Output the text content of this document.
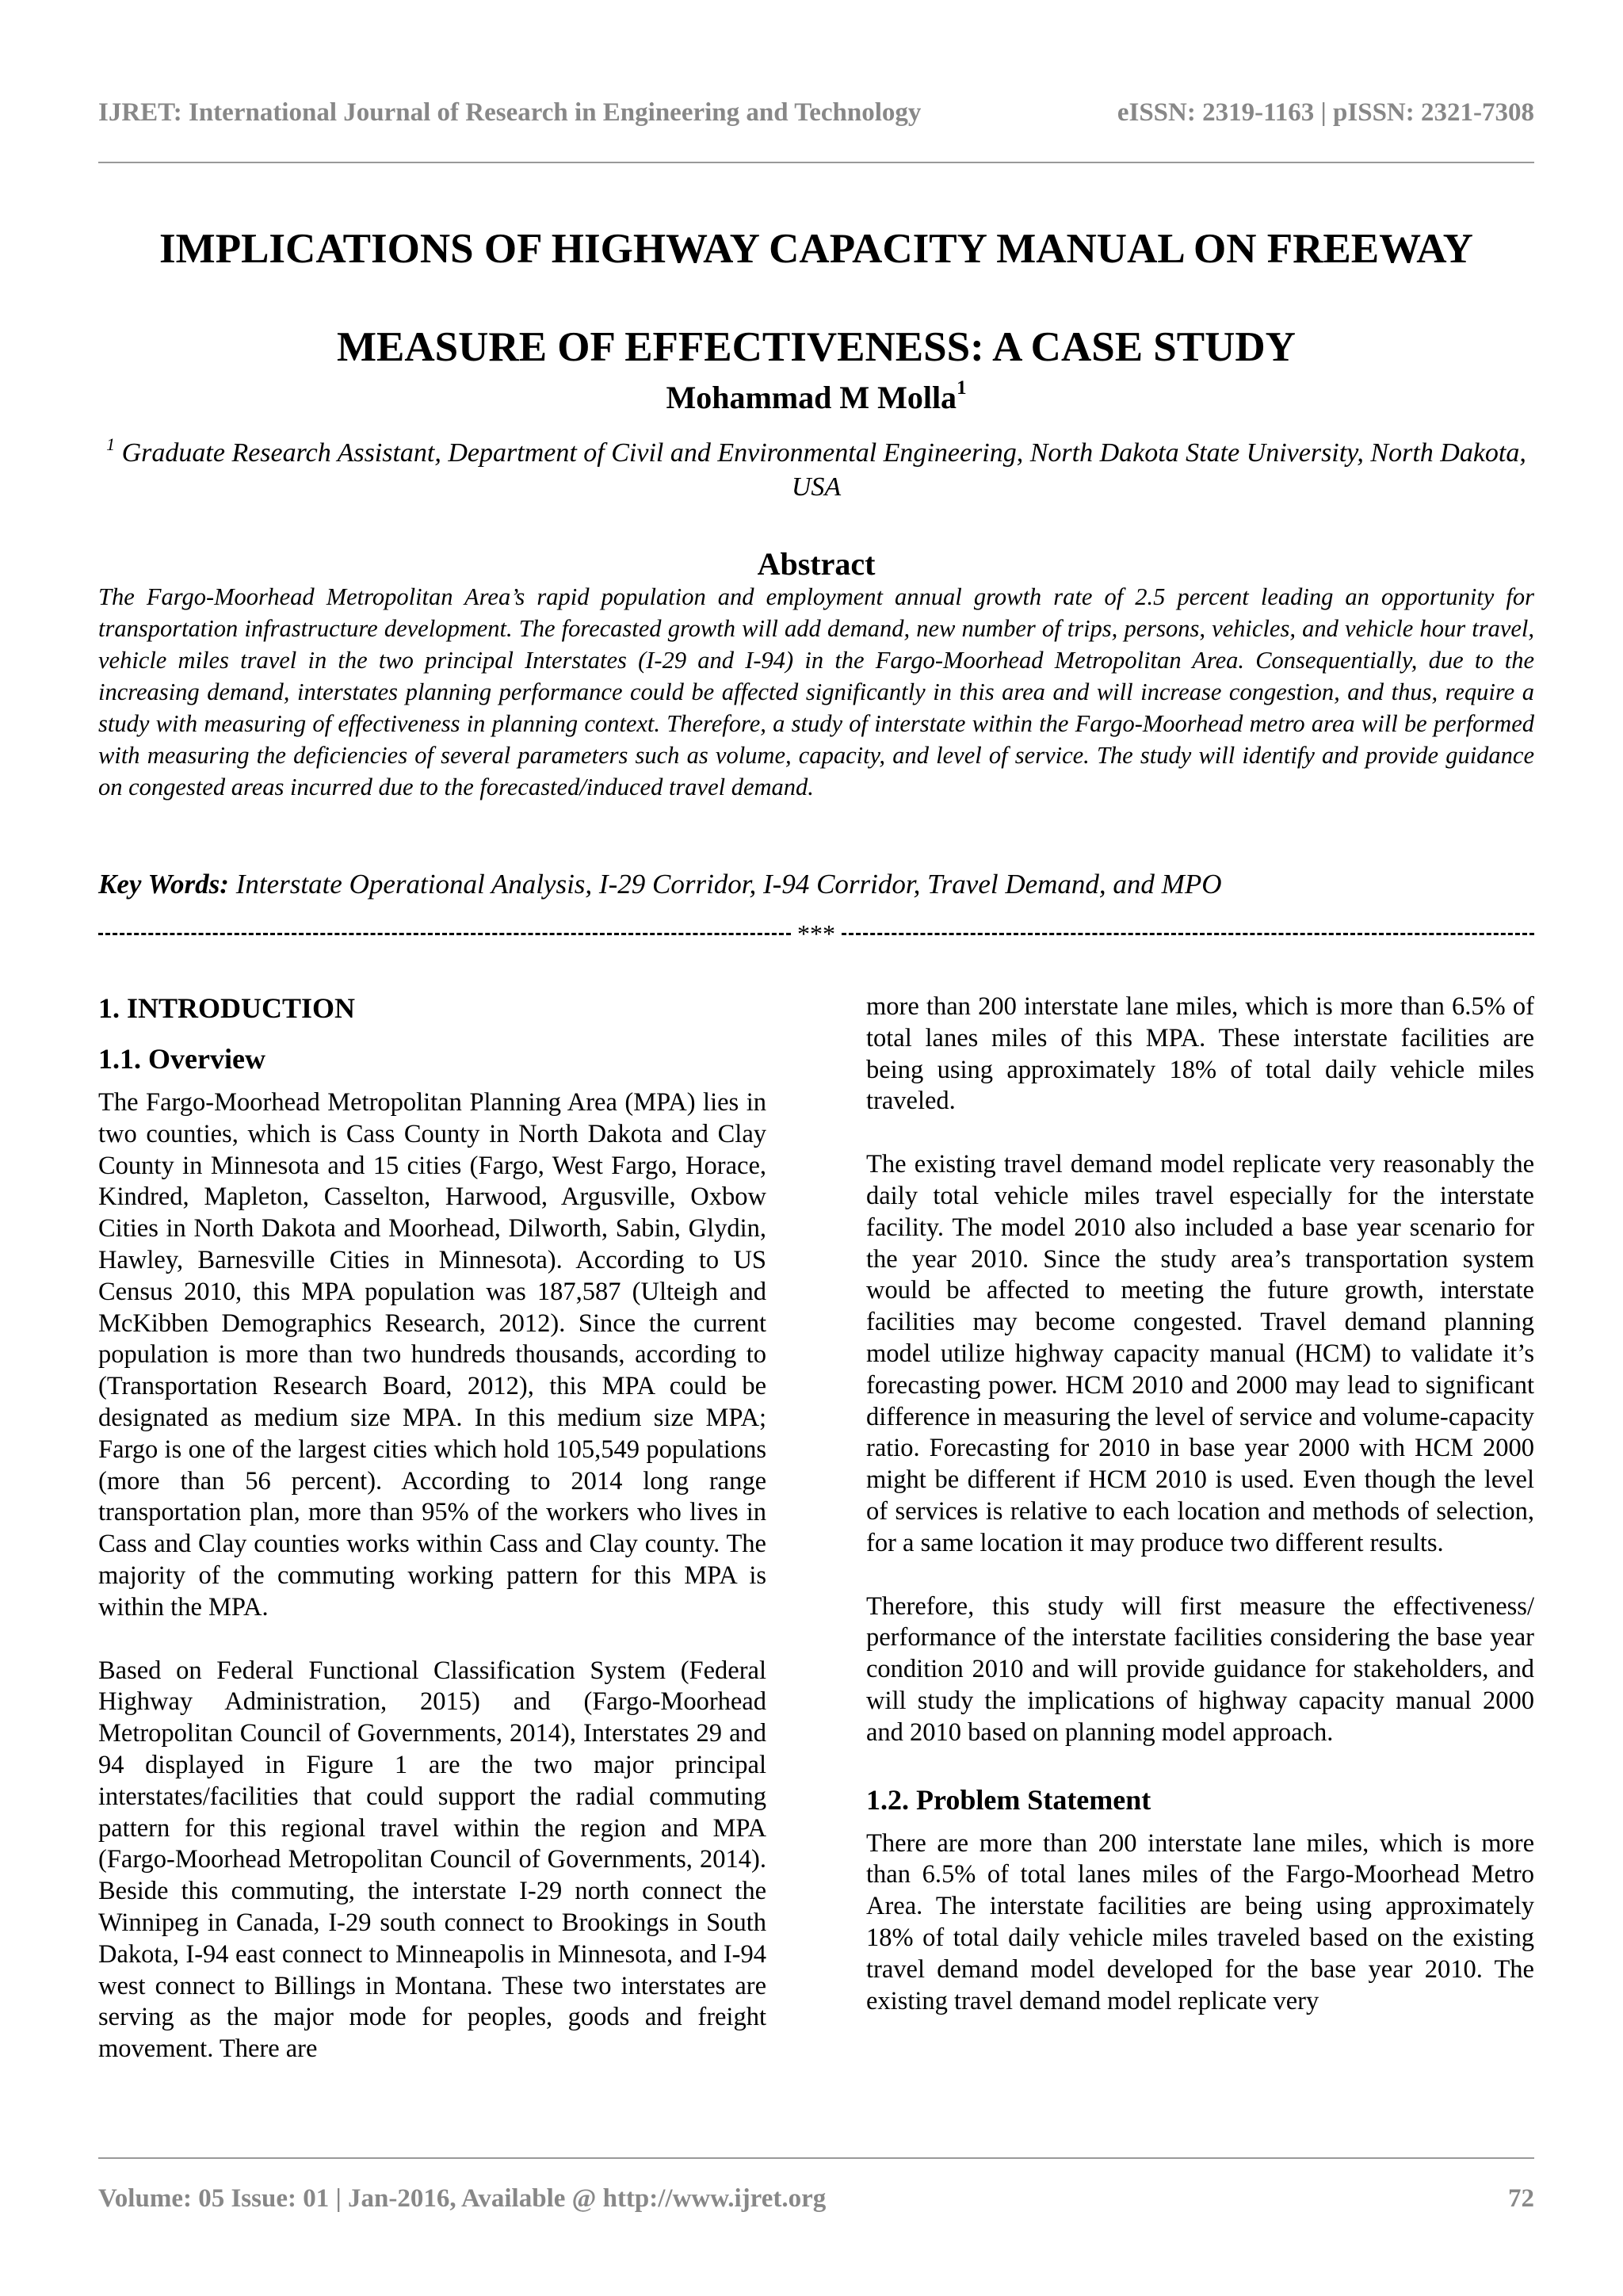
IJRET: International Journal of Research in Engineering and Technology	eISSN: 2319-1163 | pISSN: 2321-7308
IMPLICATIONS OF HIGHWAY CAPACITY MANUAL ON FREEWAY
MEASURE OF EFFECTIVENESS: A CASE STUDY
Mohammad M Molla$^1$
$^1$ Graduate Research Assistant, Department of Civil and Environmental Engineering, North Dakota State University, North Dakota, USA
Abstract

The Fargo-Moorhead Metropolitan Area’s rapid population and employment annual growth rate of 2.5 percent leading an opportunity for transportation infrastructure development. The forecasted growth will add demand, new number of trips, persons, vehicles, and vehicle hour travel, vehicle miles travel in the two principal Interstates (I-29 and I-94) in the Fargo-Moorhead Metropolitan Area. Consequentially, due to the increasing demand, interstates planning performance could be affected significantly in this area and will increase congestion, and thus, require a study with measuring of effectiveness in planning context. Therefore, a study of interstate within the Fargo-Moorhead metro area will be performed with measuring the deficiencies of several parameters such as volume, capacity, and level of service. The study will identify and provide guidance on congested areas incurred due to the forecasted/induced travel demand.

Key Words: Interstate Operational Analysis, I-29 Corridor, I-94 Corridor, Travel Demand, and MPO

***
1. INTRODUCTION
1.1. Overview

The Fargo-Moorhead Metropolitan Planning Area (MPA) lies in two counties, which is Cass County in North Dakota and Clay County in Minnesota and 15 cities (Fargo, West Fargo, Horace, Kindred, Mapleton, Casselton, Harwood, Argusville, Oxbow Cities in North Dakota and Moorhead, Dilworth, Sabin, Glydin, Hawley, Barnesville Cities in Minnesota). According to US Census 2010, this MPA population was 187,587 (Ulteigh and McKibben Demographics Research, 2012). Since the current population is more than two hundreds thousands, according to (Transportation Research Board, 2012), this MPA could be designated as medium size MPA. In this medium size MPA; Fargo is one of the largest cities which hold 105,549 populations (more than 56 percent). According to 2014 long range transportation plan, more than 95% of the workers who lives in Cass and Clay counties works within Cass and Clay county. The majority of the commuting working pattern for this MPA is within the MPA.

Based on Federal Functional Classification System (Federal Highway Administration, 2015) and (Fargo-Moorhead Metropolitan Council of Governments, 2014), Interstates 29 and 94 displayed in Figure 1 are the two major principal interstates/facilities that could support the radial commuting pattern for this regional travel within the region and MPA (Fargo-Moorhead Metropolitan Council of Governments, 2014). Beside this commuting, the interstate I-29 north connect the Winnipeg in Canada, I-29 south connect to Brookings in South Dakota, I-94 east connect to Minneapolis in Minnesota, and I-94 west connect to Billings in Montana. These two interstates are serving as the major mode for peoples, goods and freight movement. There are

more than 200 interstate lane miles, which is more than 6.5% of total lanes miles of this MPA. These interstate facilities are being using approximately 18% of total daily vehicle miles traveled.

The existing travel demand model replicate very reasonably the daily total vehicle miles travel especially for the interstate facility. The model 2010 also included a base year scenario for the year 2010. Since the study area’s transportation system would be affected to meeting the future growth, interstate facilities may become congested. Travel demand planning model utilize highway capacity manual (HCM) to validate it’s forecasting power. HCM 2010 and 2000 may lead to significant difference in measuring the level of service and volume-capacity ratio. Forecasting for 2010 in base year 2000 with HCM 2000 might be different if HCM 2010 is used. Even though the level of services is relative to each location and methods of selection, for a same location it may produce two different results.

Therefore, this study will first measure the effectiveness/ performance of the interstate facilities considering the base year condition 2010 and will provide guidance for stakeholders, and will study the implications of highway capacity manual 2000 and 2010 based on planning model approach.

1.2. Problem Statement

There are more than 200 interstate lane miles, which is more than 6.5% of total lanes miles of the Fargo-Moorhead Metro Area. The interstate facilities are being using approximately 18% of total daily vehicle miles traveled based on the existing travel demand model developed for the base year 2010. The existing travel demand model replicate very

Volume: 05 Issue: 01 | Jan-2016, Available @ http://www.ijret.org	72
